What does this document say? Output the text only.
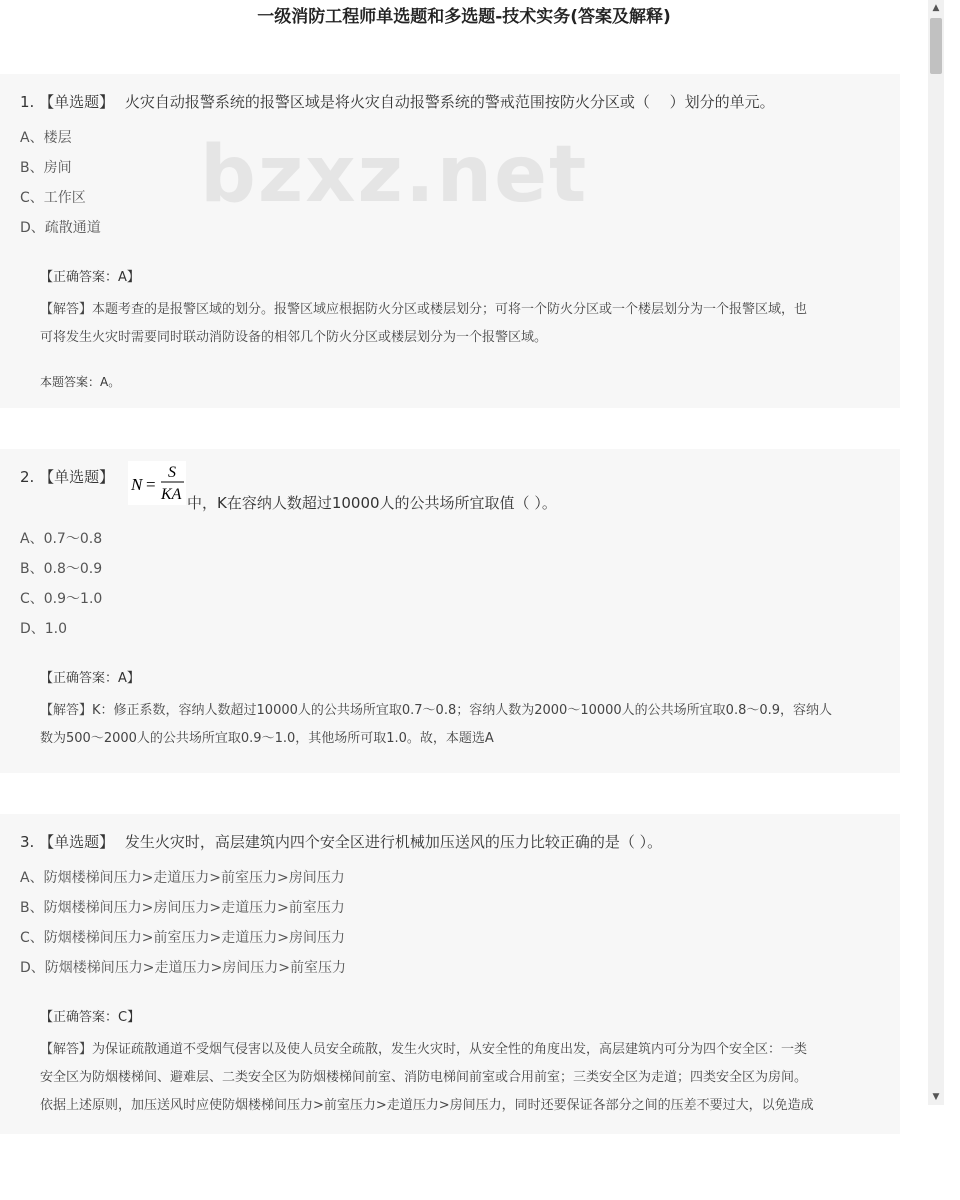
一级消防工程师单选题和多选题-技术实务(答案及解释)
bzxz.net
1. 【单选题】 火灾自动报警系统的报警区域是将火灾自动报警系统的警戒范围按防火分区或（　 ）划分的单元。
A、楼层
B、房间
C、工作区
D、疏散通道
【正确答案：A】
【解答】本题考查的是报警区域的划分。报警区域应根据防火分区或楼层划分；可将一个防火分区或一个楼层划分为一个报警区域，也
可将发生火灾时需要同时联动消防设备的相邻几个防火分区或楼层划分为一个报警区域。
本题答案：A。
2. 【单选题】 N =
S
KA 中，K在容纳人数超过10000人的公共场所宜取值（ ）。
A、0.7～0.8
B、0.8～0.9
C、0.9～1.0
D、1.0
【正确答案：A】
【解答】K：修正系数，容纳人数超过10000人的公共场所宜取0.7～0.8；容纳人数为2000～10000人的公共场所宜取0.8～0.9，容纳人
数为500～2000人的公共场所宜取0.9～1.0，其他场所可取1.0。故，本题选A
3. 【单选题】 发生火灾时，高层建筑内四个安全区进行机械加压送风的压力比较正确的是（ ）。
A、防烟楼梯间压力>走道压力>前室压力>房间压力
B、防烟楼梯间压力>房间压力>走道压力>前室压力
C、防烟楼梯间压力>前室压力>走道压力>房间压力
D、防烟楼梯间压力>走道压力>房间压力>前室压力
【正确答案：C】
【解答】为保证疏散通道不受烟气侵害以及使人员安全疏散，发生火灾时，从安全性的角度出发，高层建筑内可分为四个安全区：一类
安全区为防烟楼梯间、避难层、二类安全区为防烟楼梯间前室、消防电梯间前室或合用前室；三类安全区为走道；四类安全区为房间。
依据上述原则，加压送风时应使防烟楼梯间压力>前室压力>走道压力>房间压力，同时还要保证各部分之间的压差不要过大，以免造成
▲
▼
